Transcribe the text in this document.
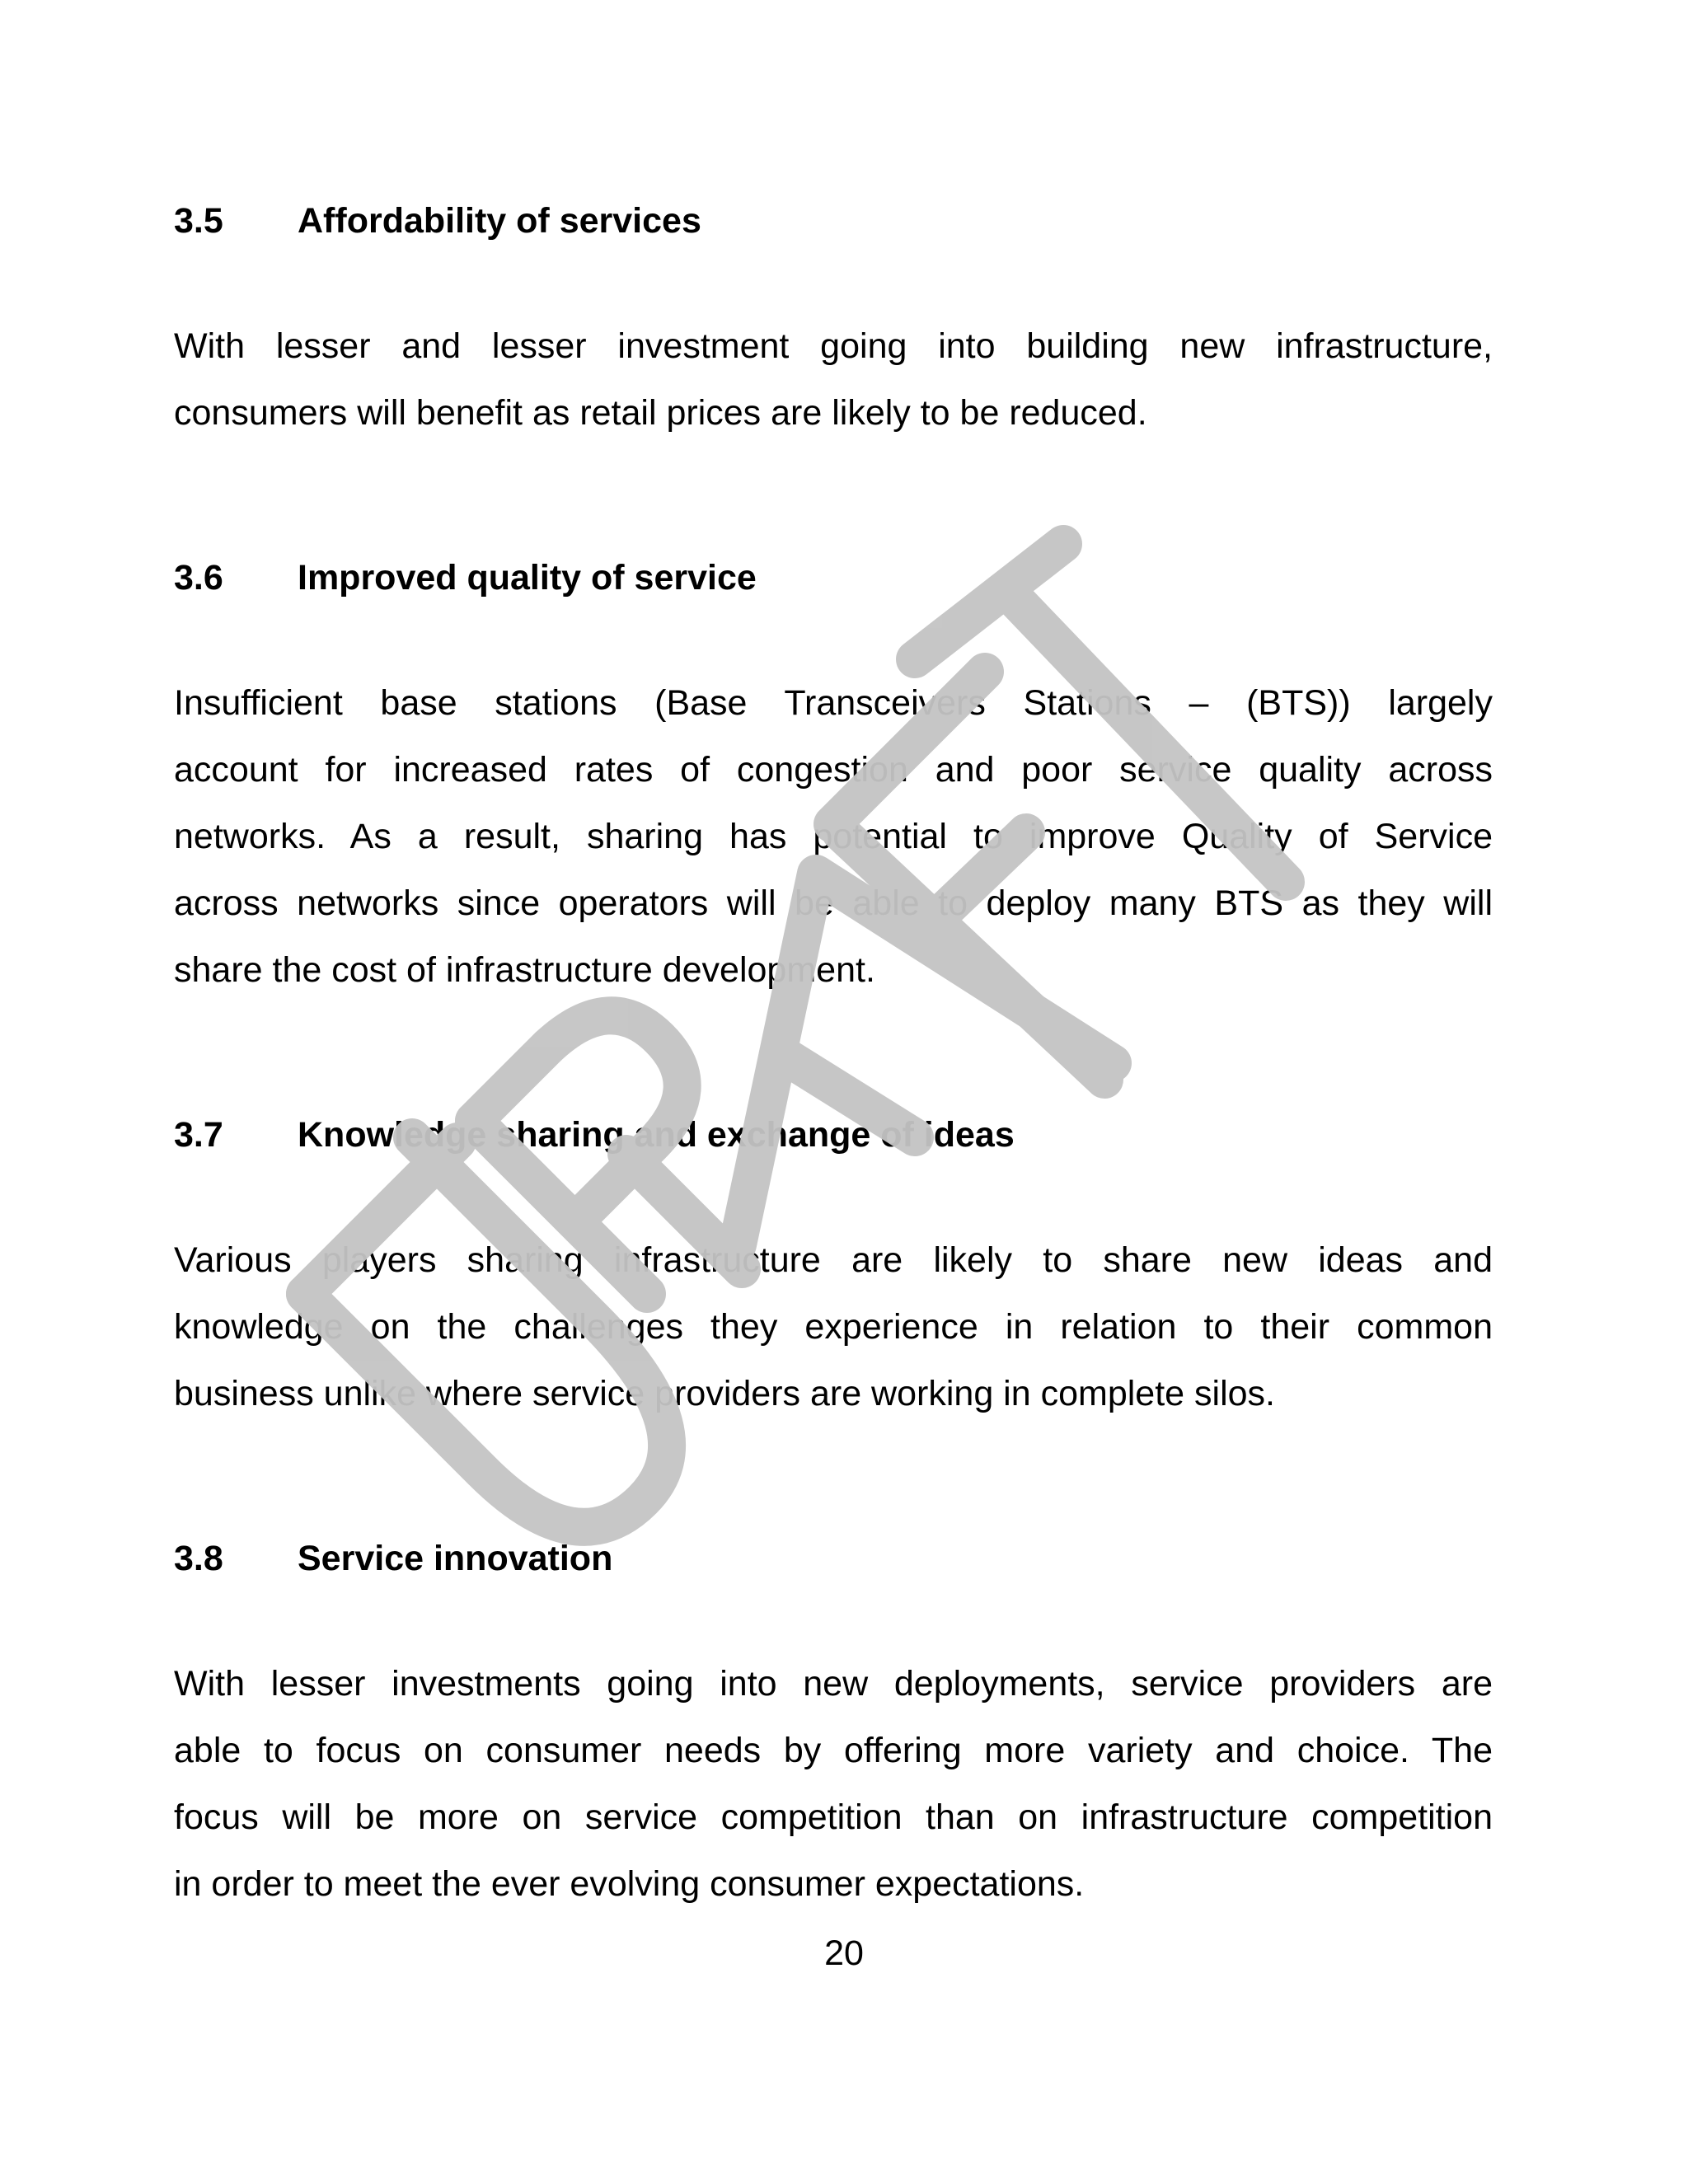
3.5 Affordability of services
With lesser and lesser investment going into building new infrastructure,
consumers will benefit as retail prices are likely to be reduced.
3.6 Improved quality of service
Insufficient base stations (Base Transceivers Stations – (BTS)) largely
account for increased rates of congestion and poor service quality across
networks. As a result, sharing has potential to improve Quality of Service
across networks since operators will be able to deploy many BTS as they will
share the cost of infrastructure development.
3.7 Knowledge sharing and exchange of ideas
Various players sharing infrastructure are likely to share new ideas and
knowledge on the challenges they experience in relation to their common
business unlike where service providers are working in complete silos.
3.8 Service innovation
With lesser investments going into new deployments, service providers are
able to focus on consumer needs by offering more variety and choice. The
focus will be more on service competition than on infrastructure competition
in order to meet the ever evolving consumer expectations.
20
